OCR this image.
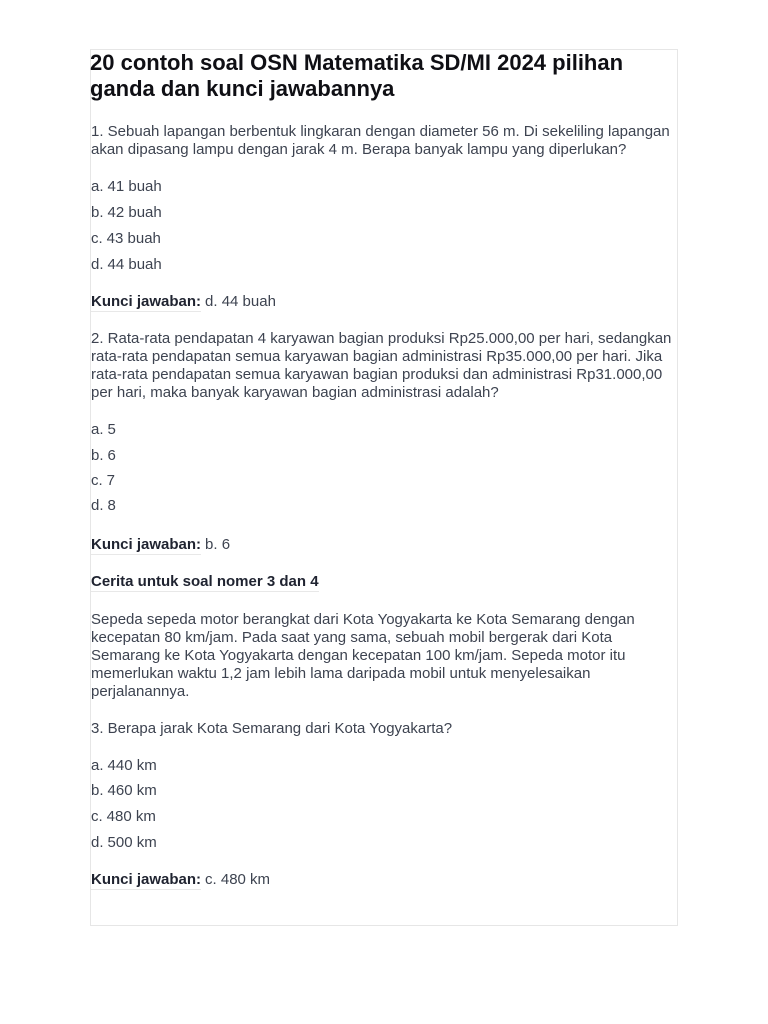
20 contoh soal OSN Matematika SD/MI 2024 pilihan ganda dan kunci jawabannya

1. Sebuah lapangan berbentuk lingkaran dengan diameter 56 m. Di sekeliling lapangan akan dipasang lampu dengan jarak 4 m. Berapa banyak lampu yang diperlukan?

a. 41 buah
b. 42 buah
c. 43 buah
d. 44 buah
Kunci jawaban: d. 44 buah

2. Rata-rata pendapatan 4 karyawan bagian produksi Rp25.000,00 per hari, sedangkan rata-rata pendapatan semua karyawan bagian administrasi Rp35.000,00 per hari. Jika rata-rata pendapatan semua karyawan bagian produksi dan administrasi Rp31.000,00 per hari, maka banyak karyawan bagian administrasi adalah?

a. 5
b. 6
c. 7
d. 8
Kunci jawaban: b. 6
Cerita untuk soal nomer 3 dan 4

Sepeda sepeda motor berangkat dari Kota Yogyakarta ke Kota Semarang dengan kecepatan 80 km/jam. Pada saat yang sama, sebuah mobil bergerak dari Kota Semarang ke Kota Yogyakarta dengan kecepatan 100 km/jam. Sepeda motor itu memerlukan waktu 1,2 jam lebih lama daripada mobil untuk menyelesaikan perjalanannya.

3. Berapa jarak Kota Semarang dari Kota Yogyakarta?

a. 440 km
b. 460 km
c. 480 km
d. 500 km
Kunci jawaban: c. 480 km
